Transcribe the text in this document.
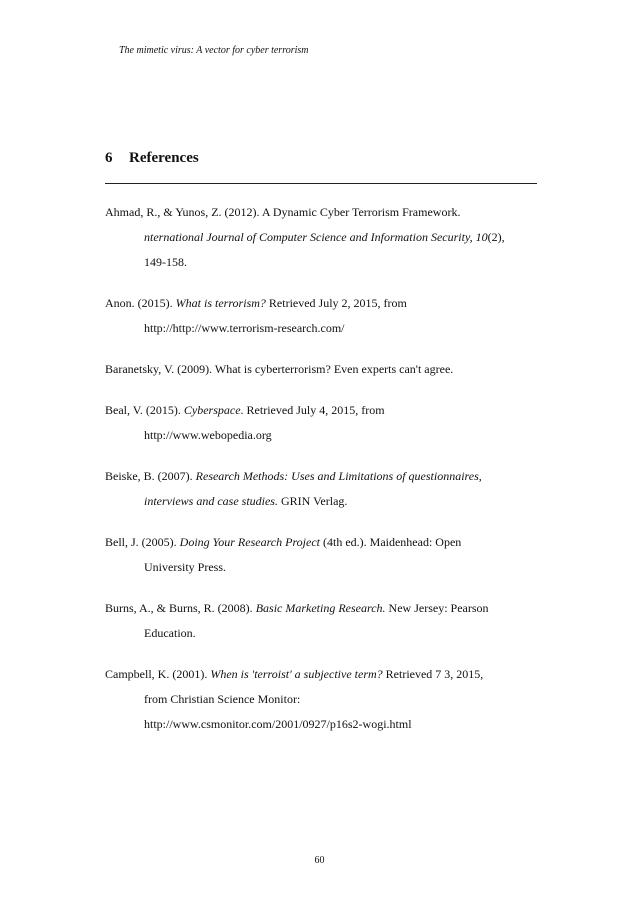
The mimetic virus: A vector for cyber terrorism
6 References
Ahmad, R., & Yunos, Z. (2012). A Dynamic Cyber Terrorism Framework.
nternational Journal of Computer Science and Information Security, 10(2),
149-158.
Anon. (2015). What is terrorism? Retrieved July 2, 2015, from
http://http://www.terrorism-research.com/
Baranetsky, V. (2009). What is cyberterrorism? Even experts can't agree.
Beal, V. (2015). Cyberspace. Retrieved July 4, 2015, from
http://www.webopedia.org
Beiske, B. (2007). Research Methods: Uses and Limitations of questionnaires,
interviews and case studies. GRIN Verlag.
Bell, J. (2005). Doing Your Research Project (4th ed.). Maidenhead: Open
University Press.
Burns, A., & Burns, R. (2008). Basic Marketing Research. New Jersey: Pearson
Education.
Campbell, K. (2001). When is 'terroist' a subjective term? Retrieved 7 3, 2015,
from Christian Science Monitor:
http://www.csmonitor.com/2001/0927/p16s2-wogi.html
60
